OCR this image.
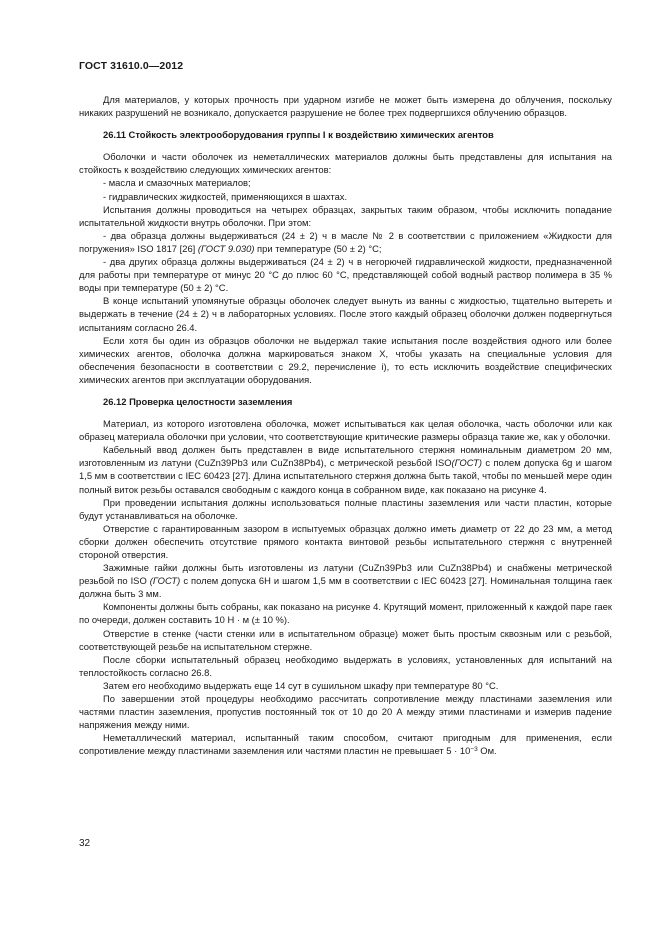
ГОСТ 31610.0—2012

Для материалов, у которых прочность при ударном изгибе не может быть измерена до облучения, поскольку никаких разрушений не возникало, допускается разрушение не более трех подвергшихся облучению образцов.

26.11 Стойкость электрооборудования группы I к воздействию химических агентов

Оболочки и части оболочек из неметаллических материалов должны быть представлены для испытания на стойкость к воздействию следующих химических агентов:

- масла и смазочных материалов;

- гидравлических жидкостей, применяющихся в шахтах.

Испытания должны проводиться на четырех образцах, закрытых таким образом, чтобы исключить попадание испытательной жидкости внутрь оболочки. При этом:

- два образца должны выдерживаться (24 ± 2) ч в масле № 2 в соответствии с приложением «Жидкости для погружения» ISO 1817 [26] (ГОСТ 9.030) при температуре (50 ± 2) °С;

- два других образца должны выдерживаться (24 ± 2) ч в негорючей гидравлической жидкости, предназначенной для работы при температуре от минус 20 °С до плюс 60 °С, представляющей собой водный раствор полимера в 35 % воды при температуре (50 ± 2) °С.

В конце испытаний упомянутые образцы оболочек следует вынуть из ванны с жидкостью, тщательно вытереть и выдержать в течение (24 ± 2) ч в лабораторных условиях. После этого каждый образец оболочки должен подвергнуться испытаниям согласно 26.4.

Если хотя бы один из образцов оболочки не выдержал такие испытания после воздействия одного или более химических агентов, оболочка должна маркироваться знаком X, чтобы указать на специальные условия для обеспечения безопасности в соответствии с 29.2, перечисление i), то есть исключить воздействие специфических химических агентов при эксплуатации оборудования.

26.12 Проверка целостности заземления

Материал, из которого изготовлена оболочка, может испытываться как целая оболочка, часть оболочки или как образец материала оболочки при условии, что соответствующие критические размеры образца такие же, как у оболочки.

Кабельный ввод должен быть представлен в виде испытательного стержня номинальным диаметром 20 мм, изготовленным из латуни (CuZn39Pb3 или CuZn38Pb4), с метрической резьбой ISO(ГОСТ) с полем допуска 6g и шагом 1,5 мм в соответствии с IEC 60423 [27]. Длина испытательного стержня должна быть такой, чтобы по меньшей мере один полный виток резьбы оставался свободным с каждого конца в собранном виде, как показано на рисунке 4.

При проведении испытания должны использоваться полные пластины заземления или части пластин, которые будут устанавливаться на оболочке.

Отверстие с гарантированным зазором в испытуемых образцах должно иметь диаметр от 22 до 23 мм, а метод сборки должен обеспечить отсутствие прямого контакта винтовой резьбы испытательного стержня с внутренней стороной отверстия.

Зажимные гайки должны быть изготовлены из латуни (CuZn39Pb3 или CuZn38Pb4) и снабжены метрической резьбой по ISO (ГОСТ) с полем допуска 6H и шагом 1,5 мм в соответствии с IEC 60423 [27]. Номинальная толщина гаек должна быть 3 мм.

Компоненты должны быть собраны, как показано на рисунке 4. Крутящий момент, приложенный к каждой паре гаек по очереди, должен составить 10 Н · м (± 10 %).

Отверстие в стенке (части стенки или в испытательном образце) может быть простым сквозным или с резьбой, соответствующей резьбе на испытательном стержне.

После сборки испытательный образец необходимо выдержать в условиях, установленных для испытаний на теплостойкость согласно 26.8.

Затем его необходимо выдержать еще 14 сут в сушильном шкафу при температуре 80 °С.

По завершении этой процедуры необходимо рассчитать сопротивление между пластинами заземления или частями пластин заземления, пропустив постоянный ток от 10 до 20 А между этими пластинами и измерив падение напряжения между ними.

Неметаллический материал, испытанный таким способом, считают пригодным для применения, если сопротивление между пластинами заземления или частями пластин не превышает $5 \cdot 10^{-3}$ Ом.

32
